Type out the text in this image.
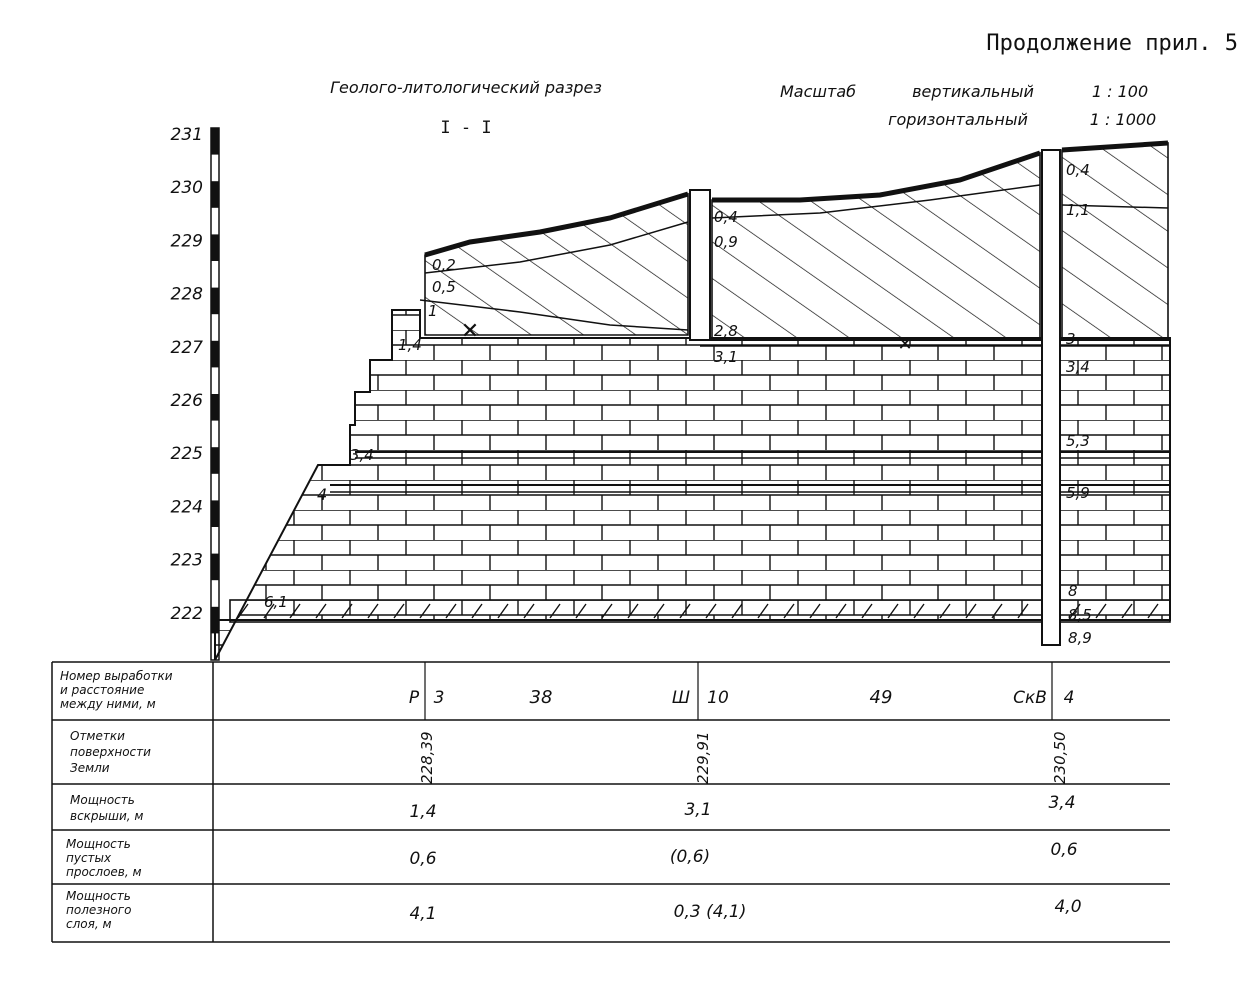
Продолжение прил. 5
Геолого-литологический разрез
I - I
Масштаб	вертикальный	1 : 100
горизонтальный	1 : 1000
231
230
229
228
227
226
225
224
223
222
✕
✕
0,2
0,5
1
1,4
3,4
4
6,1
0,4
0,9
2,8
3,1
0,4
1,1
3
3,4
5,3
5,9
8
8,5
8,9
Номер выработки и расстояние между ними, м
Отметки поверхности Земли
Мощность вскрыши, м
Мощность пустых прослоев, м
Мощность полезного слоя, м
Р 3	38	Ш 10	49	СкВ 4
228,39	229,91	230,50
1,4	3,1	3,4
0,6	(0,6)	0,6
4,1	0,3 (4,1)	4,0
